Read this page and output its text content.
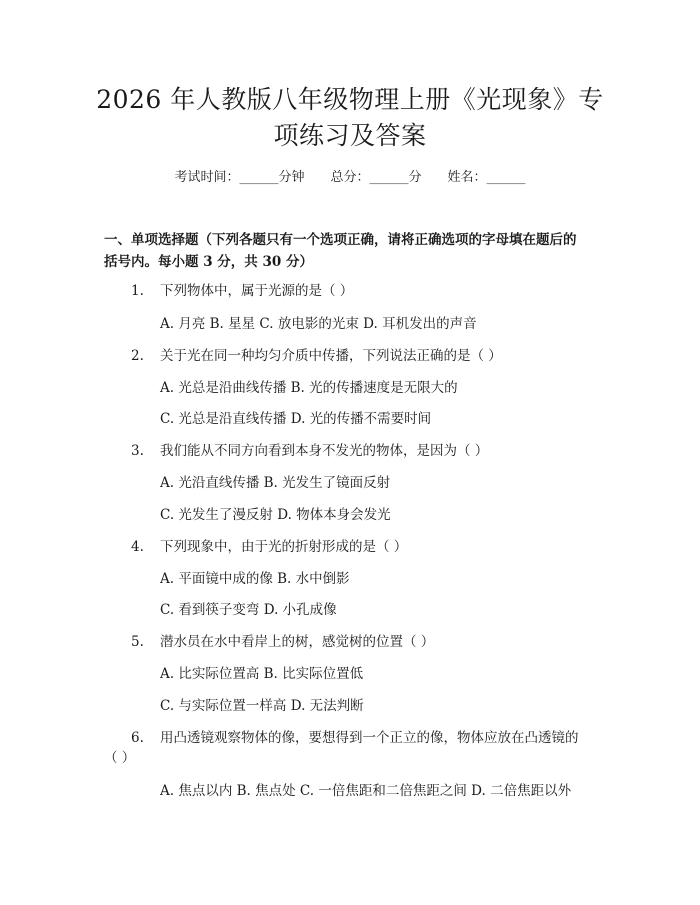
2026 年人教版八年级物理上册《光现象》专
项练习及答案
考试时间：______分钟 总分：______分 姓名：______
一、单项选择题（下列各题只有一个选项正确，请将正确选项的字母填在题后的
括号内。每小题 3 分，共 30 分）
1.	下列物体中，属于光源的是（ ）
A. 月亮 B. 星星 C. 放电影的光束 D. 耳机发出的声音
2.	关于光在同一种均匀介质中传播，下列说法正确的是（ ）
A. 光总是沿曲线传播 B. 光的传播速度是无限大的
C. 光总是沿直线传播 D. 光的传播不需要时间
3.	我们能从不同方向看到本身不发光的物体，是因为（ ）
A. 光沿直线传播 B. 光发生了镜面反射
C. 光发生了漫反射 D. 物体本身会发光
4.	下列现象中，由于光的折射形成的是（ ）
A. 平面镜中成的像 B. 水中倒影
C. 看到筷子变弯 D. 小孔成像
5.	潜水员在水中看岸上的树，感觉树的位置（ ）
A. 比实际位置高 B. 比实际位置低
C. 与实际位置一样高 D. 无法判断
6.	用凸透镜观察物体的像，要想得到一个正立的像，物体应放在凸透镜的
（ ）
A. 焦点以内 B. 焦点处 C. 一倍焦距和二倍焦距之间 D. 二倍焦距以外
